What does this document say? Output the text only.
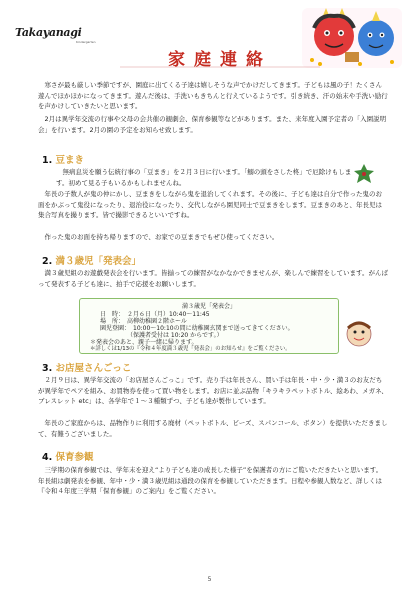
Takayanagi
Kindergarten
家庭連絡

　寒さが最も厳しい季節ですが、園庭に出てくる子達は嬉しそうな声でかけだしてきます。子どもは風の子！たくさん遊んでほかほかになってきます。遊んだ後は、手洗いもきちんと行えているようです。引き続き、汗の始末や手洗い励行を声かけしていきたいと思います。

　2月は異学年交流の行事や父母の会共催の観劇会、保育参観等などがあります。また、来年度入園予定者の「入園説明会」を行います。2月の園の予定をお知らせ致します。

1. 豆まき

　無病息災を願う伝統行事の「豆まき」を２月３日に行います。「鰯の頭をさした柊」で厄除けもします。初めて見る子もいるかもしれませんね。

　年長の子数人が鬼の仲にかし、豆まきをしながら鬼を退治してくれます。その後に、子ども達は自分で作った鬼のお面をかぶって鬼役になったり、退治役になったり、交代しながら園児同士で豆まきをします。豆まきのあと、年長児は集合写真を撮ります。皆で撮影できるといいですね。

　作った鬼のお面を持ち帰りますので、お家での豆まきでもぜひ使ってください。

2. 満３歳児「発表会」

　満３歳児組のお遊戯発表会を行います。皆揃っての練習がなかなかできませんが、楽しんで練習をしています。がんばって発表する子ども達に、拍手で応援をお願いします。

満３歳児「発表会」
日　時：　２月６日（月）10:40〜11:45
場　所：　高柳幼稚園２階ホール
園児登園：　10:00〜10:10の間に幼稚園玄関まで送ってきてください。
　　　　　（保護者受付は 10:20 からです。）
＊発表会のあと、親子一緒に帰ります。
＊詳しくは1/13の『令和４年度満３歳児「発表会」のお知らせ』をご覧ください。
3. お店屋さんごっこ

　２月９日は、異学年交流の「お店屋さんごっこ」です。売り手は年長さん、買い手は年長・中・少・満３のお友だちが異学年でペアを組み、お買物券を使って買い物をします。お店に並ぶ品物「キラキラペットボトル、絵あわ、メガネ、ブレスレット etc」は、各学年で１〜３種類ずつ、子ども達が製作しています。

　年長のご家庭からは、品物作りに利用する廃材（ペットボトル、ビーズ、スパンコール、ボタン）を提供いただきまして、有難うございました。

4. 保育参観

　三学期の保育参観では、学年末を迎え“より子ども達の成長した様子”を保護者の方にご覧いただきたいと思います。年長組は劇発表を参観、年中・少・満３歳児組は通段の保育を参観していただきます。日程や参観人数など、詳しくは『令和４年度三学期「保育参観」のご案内』をご覧ください。

5
